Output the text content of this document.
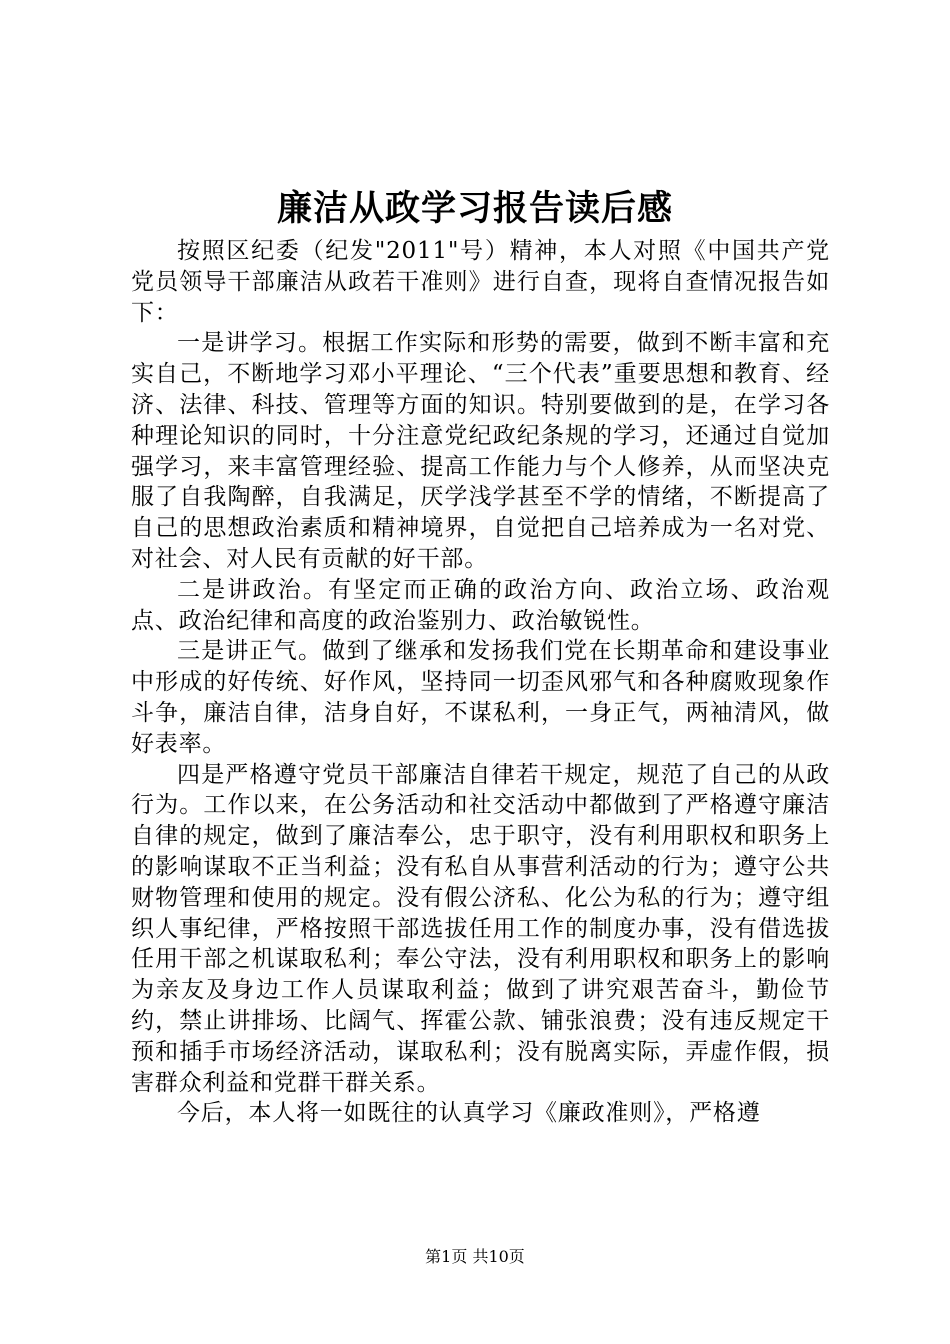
廉洁从政学习报告读后感

按照区纪委（纪发"2011"号）精神，本人对照《中国共产党党员领导干部廉洁从政若干准则》进行自查，现将自查情况报告如下：

一是讲学习。根据工作实际和形势的需要，做到不断丰富和充实自己，不断地学习邓小平理论、“三个代表”重要思想和教育、经济、法律、科技、管理等方面的知识。特别要做到的是，在学习各种理论知识的同时，十分注意党纪政纪条规的学习，还通过自觉加强学习，来丰富管理经验、提高工作能力与个人修养，从而坚决克服了自我陶醉，自我满足，厌学浅学甚至不学的情绪，不断提高了自己的思想政治素质和精神境界，自觉把自己培养成为一名对党、对社会、对人民有贡献的好干部。

二是讲政治。有坚定而正确的政治方向、政治立场、政治观点、政治纪律和高度的政治鉴别力、政治敏锐性。

三是讲正气。做到了继承和发扬我们党在长期革命和建设事业中形成的好传统、好作风，坚持同一切歪风邪气和各种腐败现象作斗争，廉洁自律，洁身自好，不谋私利，一身正气，两袖清风，做好表率。

四是严格遵守党员干部廉洁自律若干规定，规范了自己的从政行为。工作以来，在公务活动和社交活动中都做到了严格遵守廉洁自律的规定，做到了廉洁奉公，忠于职守，没有利用职权和职务上的影响谋取不正当利益；没有私自从事营利活动的行为；遵守公共财物管理和使用的规定。没有假公济私、化公为私的行为；遵守组织人事纪律，严格按照干部选拔任用工作的制度办事，没有借选拔任用干部之机谋取私利；奉公守法，没有利用职权和职务上的影响为亲友及身边工作人员谋取利益；做到了讲究艰苦奋斗，勤俭节约，禁止讲排场、比阔气、挥霍公款、铺张浪费；没有违反规定干预和插手市场经济活动，谋取私利；没有脱离实际，弄虚作假，损害群众利益和党群干群关系。

今后，本人将一如既往的认真学习《廉政准则》，严格遵

第1页 共10页
